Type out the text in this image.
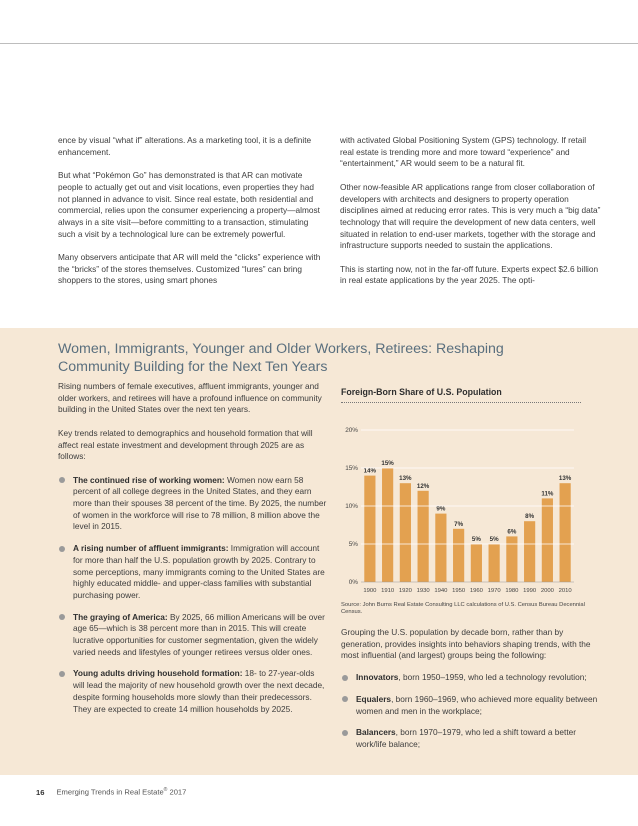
ence by visual “what if” alterations. As a marketing tool, it is a definite enhancement.

But what “Pokémon Go” has demonstrated is that AR can motivate people to actually get out and visit locations, even properties they had not planned in advance to visit. Since real estate, both residential and commercial, relies upon the consumer experiencing a property—almost always in a site visit—before committing to a transaction, stimulating such a visit by a technological lure can be extremely powerful.

Many observers anticipate that AR will meld the “clicks” experience with the “bricks” of the stores themselves. Customized “lures” can bring shoppers to the stores, using smart phones

with activated Global Positioning System (GPS) technology. If retail real estate is trending more and more toward “experience” and “entertainment,” AR would seem to be a natural fit.

Other now-feasible AR applications range from closer collaboration of developers with architects and designers to property operation disciplines aimed at reducing error rates. This is very much a “big data” technology that will require the development of new data centers, well situated in relation to end-user markets, together with the storage and infrastructure supports needed to sustain the applications.

This is starting now, not in the far-off future. Experts expect $2.6 billion in real estate applications by the year 2025. The opti-

Women, Immigrants, Younger and Older Workers, Retirees: Reshaping Community Building for the Next Ten Years

Rising numbers of female executives, affluent immigrants, younger and older workers, and retirees will have a profound influence on community building in the United States over the next ten years.

Key trends related to demographics and household formation that will affect real estate investment and development through 2025 are as follows:

The continued rise of working women: Women now earn 58 percent of all college degrees in the United States, and they earn more than their spouses 38 percent of the time. By 2025, the number of women in the workforce will rise to 78 million, 8 million above the level in 2015.
A rising number of affluent immigrants: Immigration will account for more than half the U.S. population growth by 2025. Contrary to some perceptions, many immigrants coming to the United States are highly educated middle- and upper-class families with substantial purchasing power.
The graying of America: By 2025, 66 million Americans will be over age 65—which is 38 percent more than in 2015. This will create lucrative opportunities for customer segmentation, given the widely varied needs and lifestyles of younger retirees versus older ones.
Young adults driving household formation: 18- to 27-year-olds will lead the majority of new household growth over the next decade, despite forming households more slowly than their predecessors. They are expected to create 14 million households by 2025.

Foreign-Born Share of U.S. Population

0%
5%
10%
15%
20%
14%
1900
15%
1910
13%
1920
12%
1930
9%
1940
7%
1950
5%
1960
5%
1970
6%
1980
8%
1990
11%
2000
13%
2010
Source: John Burns Real Estate Consulting LLC calculations of U.S. Census Bureau Decennial Census.

Grouping the U.S. population by decade born, rather than by generation, provides insights into behaviors shaping trends, with the most influential (and largest) groups being the following:

Innovators, born 1950–1959, who led a technology revolution;
Equalers, born 1960–1969, who achieved more equality between women and men in the workplace;
Balancers, born 1970–1979, who led a shift toward a better work/life balance;
16 Emerging Trends in Real Estate® 2017
